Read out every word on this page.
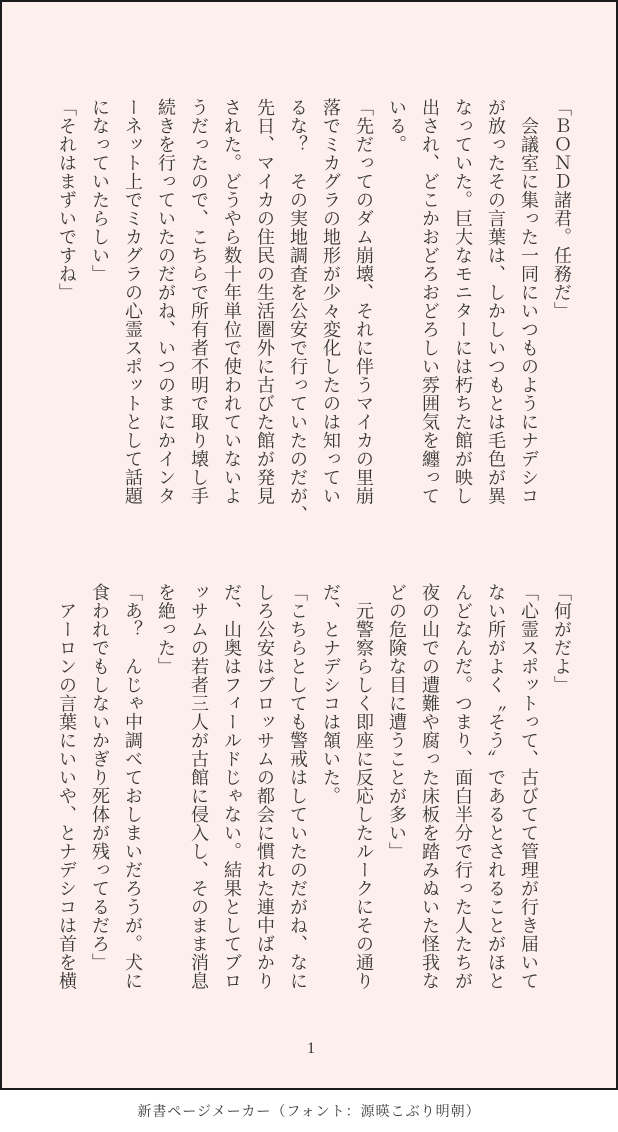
「ＢＯＮＤ諸君。任務だ」

　会議室に集った一同にいつものようにナデシコ

が放ったその言葉は、しかしいつもとは毛色が異

なっていた。巨大なモニターには朽ちた館が映し

出され、どこかおどろおどろしい雰囲気を纏って

いる。

「先だってのダム崩壊、それに伴うマイカの里崩

落でミカグラの地形が少々変化したのは知ってい

るな？　その実地調査を公安で行っていたのだが、

先日、マイカの住民の生活圏外に古びた館が発見

された。どうやら数十年単位で使われていないよ

うだったので、こちらで所有者不明で取り壊し手

続きを行っていたのだがね、いつのまにかインタ

ーネット上でミカグラの心霊スポットとして話題

になっていたらしい」

「それはまずいですね」

「何がだよ」

「心霊スポットって、古びてて管理が行き届いて

ない所がよく〝そう〟であるとされることがほと

んどなんだ。つまり、面白半分で行った人たちが

夜の山での遭難や腐った床板を踏みぬいた怪我な

どの危険な目に遭うことが多い」

　元警察らしく即座に反応したルークにその通り

だ、とナデシコは頷いた。

「こちらとしても警戒はしていたのだがね、なに

しろ公安はブロッサムの都会に慣れた連中ばかり

だ、山奥はフィールドじゃない。結果としてブロ

ッサムの若者三人が古館に侵入し、そのまま消息

を絶った」

「あ？　んじゃ中調べておしまいだろうが。犬に

食われでもしないかぎり死体が残ってるだろ」

　アーロンの言葉にいいや、とナデシコは首を横

1
新書ページメーカー（フォント：源暎こぶり明朝）
